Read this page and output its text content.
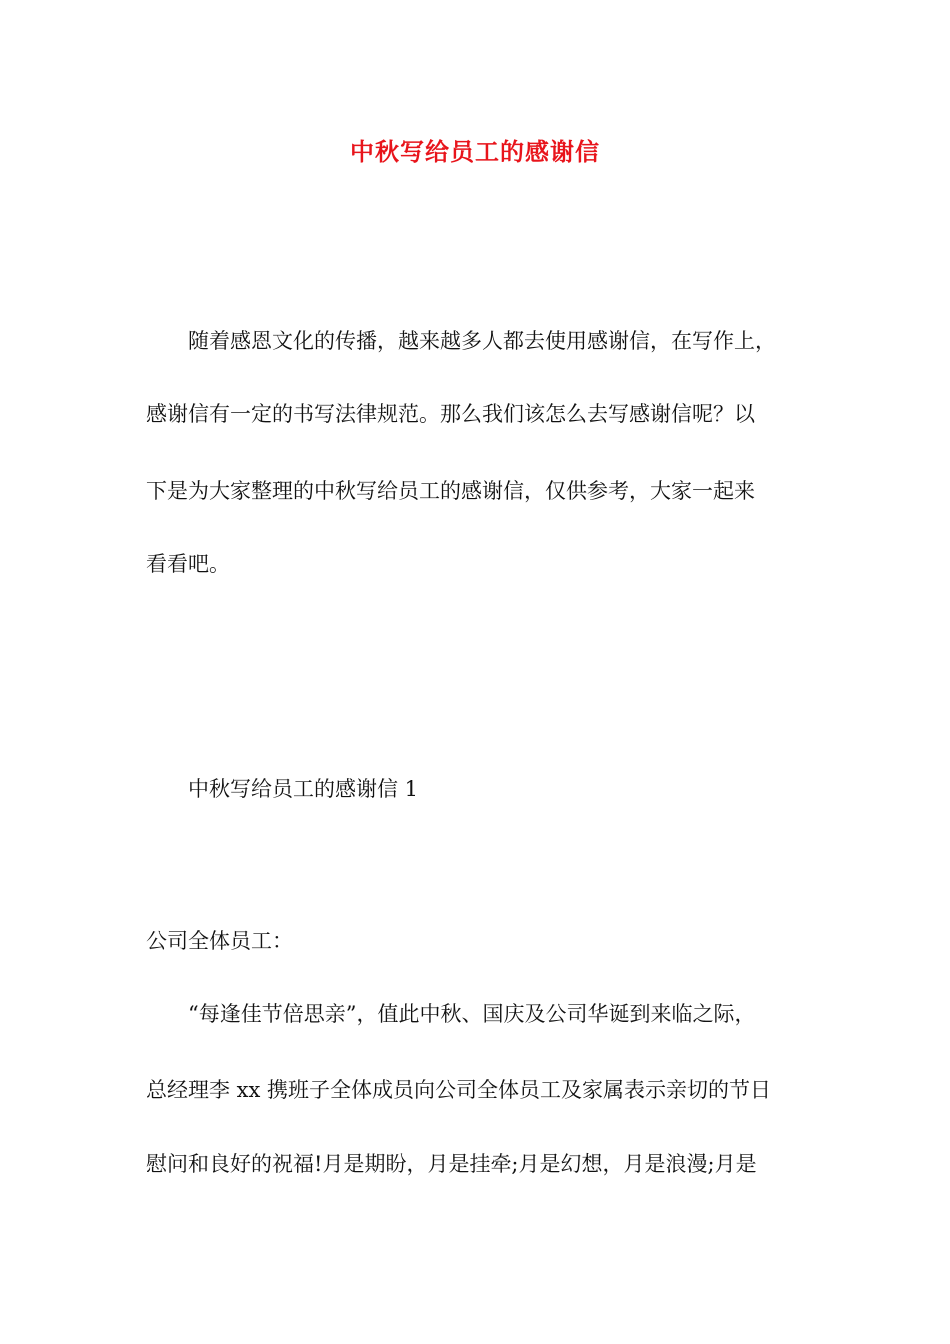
中秋写给员工的感谢信

随着感恩文化的传播，越来越多人都去使用感谢信，在写作上，

感谢信有一定的书写法律规范。那么我们该怎么去写感谢信呢？以

下是为大家整理的中秋写给员工的感谢信，仅供参考，大家一起来

看看吧。

中秋写给员工的感谢信 1

公司全体员工：

“每逢佳节倍思亲”，值此中秋、国庆及公司华诞到来临之际，

总经理李 xx 携班子全体成员向公司全体员工及家属表示亲切的节日

慰问和良好的祝福!月是期盼，月是挂牵;月是幻想，月是浪漫;月是
